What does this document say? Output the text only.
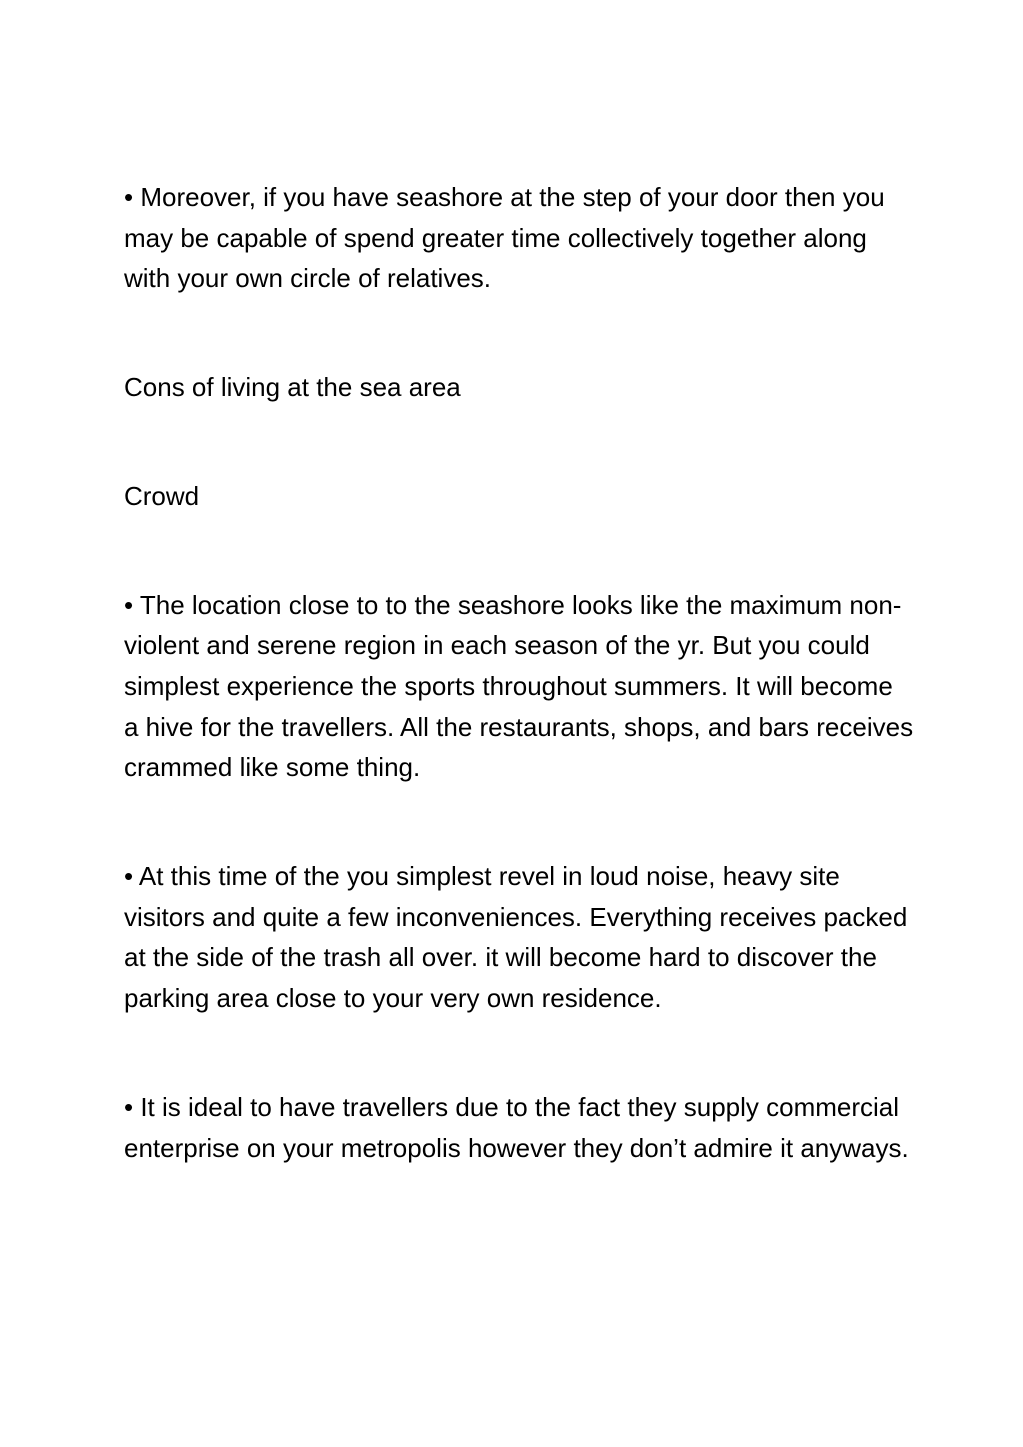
• Moreover, if you have seashore at the step of your door then you may be capable of spend greater time collectively together along with your own circle of relatives.

Cons of living at the sea area

Crowd

• The location close to to the seashore looks like the maximum non-violent and serene region in each season of the yr. But you could simplest experience the sports throughout summers. It will become a hive for the travellers. All the restaurants, shops, and bars receives crammed like some thing.

• At this time of the you simplest revel in loud noise, heavy site visitors and quite a few inconveniences. Everything receives packed at the side of the trash all over. it will become hard to discover the parking area close to your very own residence.

• It is ideal to have travellers due to the fact they supply commercial enterprise on your metropolis however they don’t admire it anyways.
